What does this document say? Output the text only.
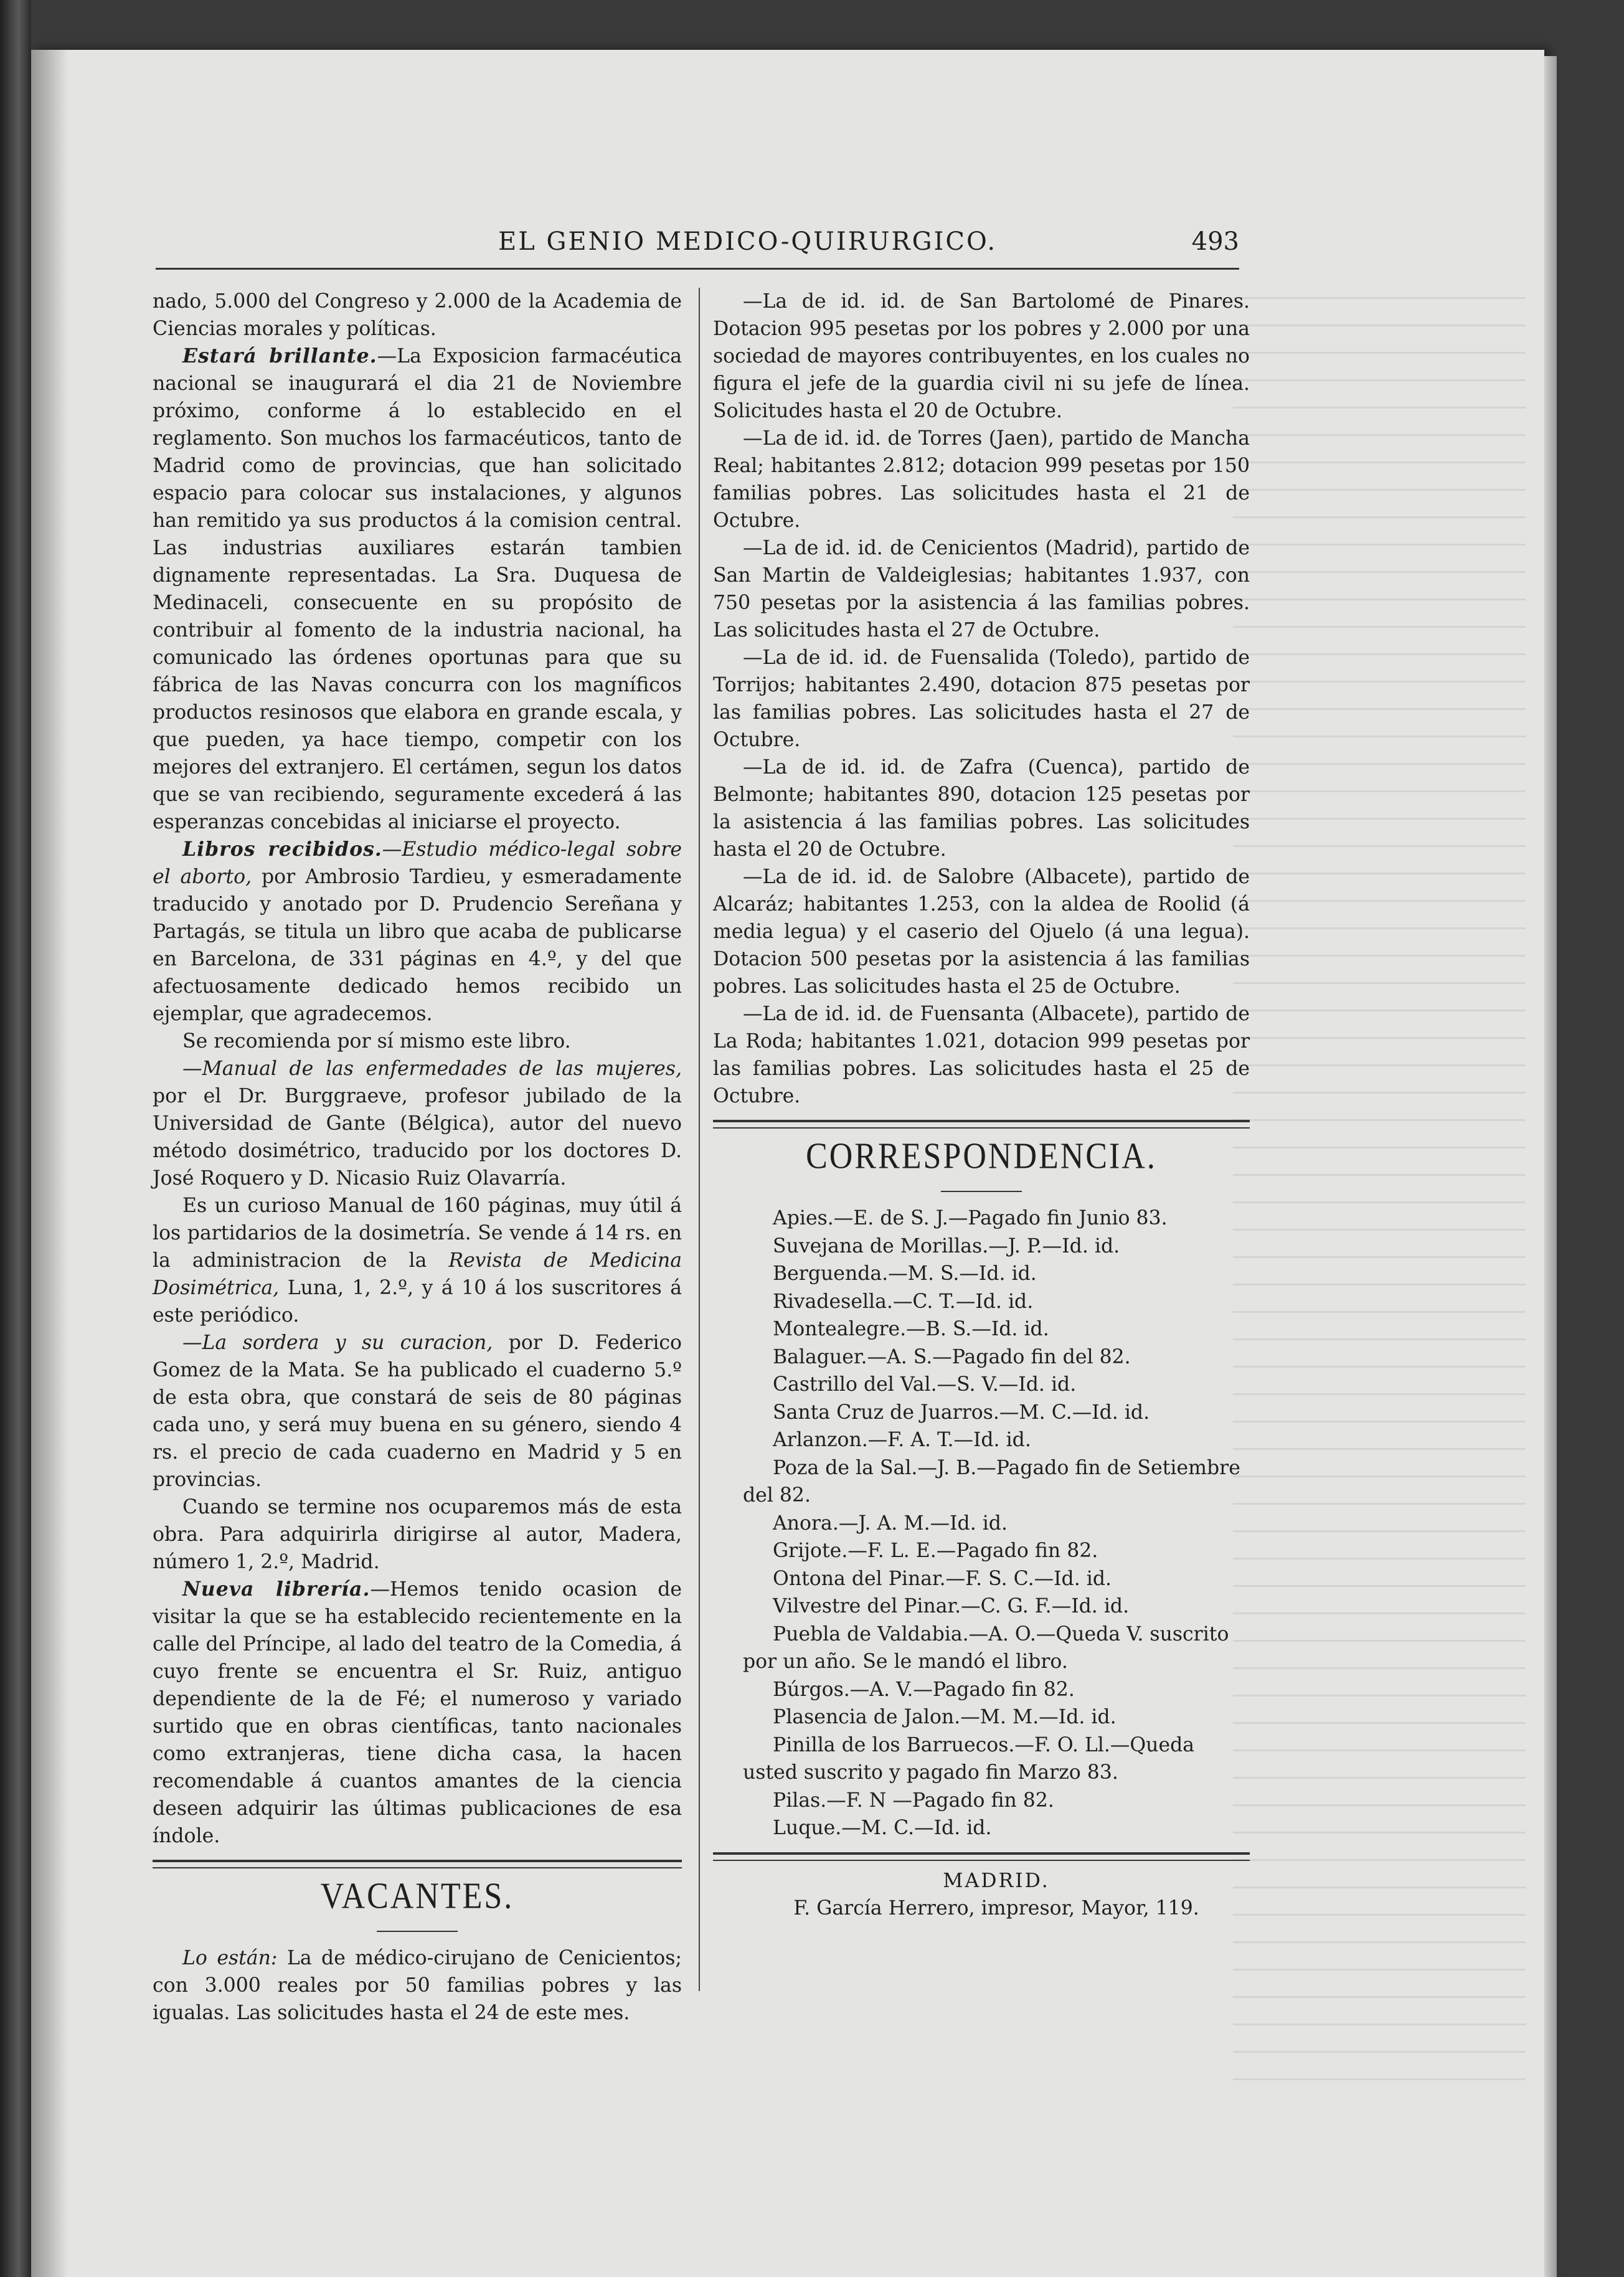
EL GENIO MEDICO-QUIRURGICO.	493

nado, 5.000 del Congreso y 2.000 de la Academia de Ciencias morales y políticas.

Estará brillante.—La Exposicion farmacéutica nacional se inaugurará el dia 21 de Noviembre próximo, conforme á lo establecido en el reglamento. Son muchos los farmacéuticos, tanto de Madrid como de provincias, que han solicitado espacio para colocar sus instalaciones, y algunos han remitido ya sus productos á la comision central. Las industrias auxiliares estarán tambien dignamente representadas. La Sra. Duquesa de Medinaceli, consecuente en su propósito de contribuir al fomento de la industria nacional, ha comunicado las órdenes oportunas para que su fábrica de las Navas concurra con los magníficos productos resinosos que elabora en grande escala, y que pueden, ya hace tiempo, competir con los mejores del extranjero. El certámen, segun los datos que se van recibiendo, seguramente excederá á las esperanzas concebidas al iniciarse el proyecto.

Libros recibidos.—Estudio médico-legal sobre el aborto, por Ambrosio Tardieu, y esmeradamente traducido y anotado por D. Prudencio Sereñana y Partagás, se titula un libro que acaba de publicarse en Barcelona, de 331 páginas en 4.º, y del que afectuosamente dedicado hemos recibido un ejemplar, que agradecemos.

Se recomienda por sí mismo este libro.

—Manual de las enfermedades de las mujeres, por el Dr. Burggraeve, profesor jubilado de la Universidad de Gante (Bélgica), autor del nuevo método dosimétrico, traducido por los doctores D. José Roquero y D. Nicasio Ruiz Olavarría.

Es un curioso Manual de 160 páginas, muy útil á los partidarios de la dosimetría. Se vende á 14 rs. en la administracion de la Revista de Medicina Dosimétrica, Luna, 1, 2.º, y á 10 á los suscritores á este periódico.

—La sordera y su curacion, por D. Federico Gomez de la Mata. Se ha publicado el cuaderno 5.º de esta obra, que constará de seis de 80 páginas cada uno, y será muy buena en su género, siendo 4 rs. el precio de cada cuaderno en Madrid y 5 en provincias.

Cuando se termine nos ocuparemos más de esta obra. Para adquirirla dirigirse al autor, Madera, número 1, 2.º, Madrid.

Nueva librería.—Hemos tenido ocasion de visitar la que se ha establecido recientemente en la calle del Príncipe, al lado del teatro de la Comedia, á cuyo frente se encuentra el Sr. Ruiz, antiguo dependiente de la de Fé; el numeroso y variado surtido que en obras científicas, tanto nacionales como extranjeras, tiene dicha casa, la hacen recomendable á cuantos amantes de la ciencia deseen adquirir las últimas publicaciones de esa índole.

VACANTES.

Lo están: La de médico-cirujano de Cenicientos; con 3.000 reales por 50 familias pobres y las igualas. Las solicitudes hasta el 24 de este mes.

—La de id. id. de San Bartolomé de Pinares. Dotacion 995 pesetas por los pobres y 2.000 por una sociedad de mayores contribuyentes, en los cuales no figura el jefe de la guardia civil ni su jefe de línea. Solicitudes hasta el 20 de Octubre.

—La de id. id. de Torres (Jaen), partido de Mancha Real; habitantes 2.812; dotacion 999 pesetas por 150 familias pobres. Las solicitudes hasta el 21 de Octubre.

—La de id. id. de Cenicientos (Madrid), partido de San Martin de Valdeiglesias; habitantes 1.937, con 750 pesetas por la asistencia á las familias pobres. Las solicitudes hasta el 27 de Octubre.

—La de id. id. de Fuensalida (Toledo), partido de Torrijos; habitantes 2.490, dotacion 875 pesetas por las familias pobres. Las solicitudes hasta el 27 de Octubre.

—La de id. id. de Zafra (Cuenca), partido de Belmonte; habitantes 890, dotacion 125 pesetas por la asistencia á las familias pobres. Las solicitudes hasta el 20 de Octubre.

—La de id. id. de Salobre (Albacete), partido de Alcaráz; habitantes 1.253, con la aldea de Roolid (á media legua) y el caserio del Ojuelo (á una legua). Dotacion 500 pesetas por la asistencia á las familias pobres. Las solicitudes hasta el 25 de Octubre.

—La de id. id. de Fuensanta (Albacete), partido de La Roda; habitantes 1.021, dotacion 999 pesetas por las familias pobres. Las solicitudes hasta el 25 de Octubre.

CORRESPONDENCIA.

Apies.—E. de S. J.—Pagado fin Junio 83.

Suvejana de Morillas.—J. P.—Id. id.

Berguenda.—M. S.—Id. id.

Rivadesella.—C. T.—Id. id.

Montealegre.—B. S.—Id. id.

Balaguer.—A. S.—Pagado fin del 82.

Castrillo del Val.—S. V.—Id. id.

Santa Cruz de Juarros.—M. C.—Id. id.

Arlanzon.—F. A. T.—Id. id.

Poza de la Sal.—J. B.—Pagado fin de Setiembre del 82.

Anora.—J. A. M.—Id. id.

Grijote.—F. L. E.—Pagado fin 82.

Ontona del Pinar.—F. S. C.—Id. id.

Vilvestre del Pinar.—C. G. F.—Id. id.

Puebla de Valdabia.—A. O.—Queda V. suscrito por un año. Se le mandó el libro.

Búrgos.—A. V.—Pagado fin 82.

Plasencia de Jalon.—M. M.—Id. id.

Pinilla de los Barruecos.—F. O. Ll.—Queda usted suscrito y pagado fin Marzo 83.

Pilas.—F. N —Pagado fin 82.

Luque.—M. C.—Id. id.

MADRID.

F. García Herrero, impresor, Mayor, 119.
